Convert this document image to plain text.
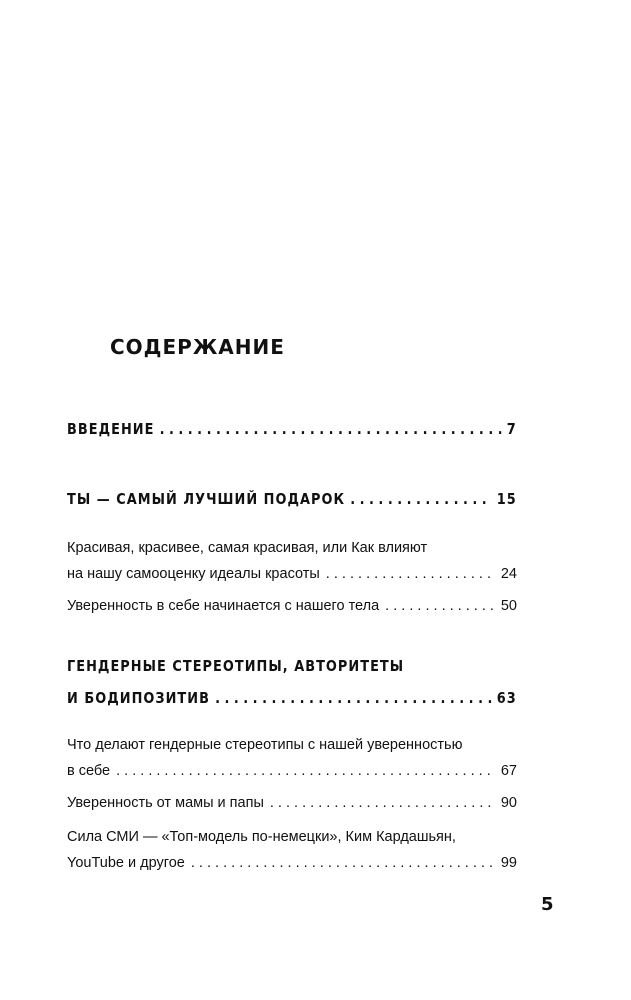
СОДЕРЖАНИЕ
ВВЕДЕНИЕ . . .	7
ТЫ — САМЫЙ ЛУЧШИЙ ПОДАРОК . . .	15
Красивая, красивее, самая красивая, или Как влияют
на нашу самооценку идеалы красоты . . .	24
Уверенность в себе начинается с нашего тела . . .	50
ГЕНДЕРНЫЕ СТЕРЕОТИПЫ, АВТОРИТЕТЫ
И БОДИПОЗИТИВ . . .	63
Что делают гендерные стереотипы с нашей уверенностью
в себе . . .	67
Уверенность от мамы и папы . . .	90
Сила СМИ — «Топ-модель по-немецки», Ким Кардашьян,
YouTube и другое . . .	99
5
